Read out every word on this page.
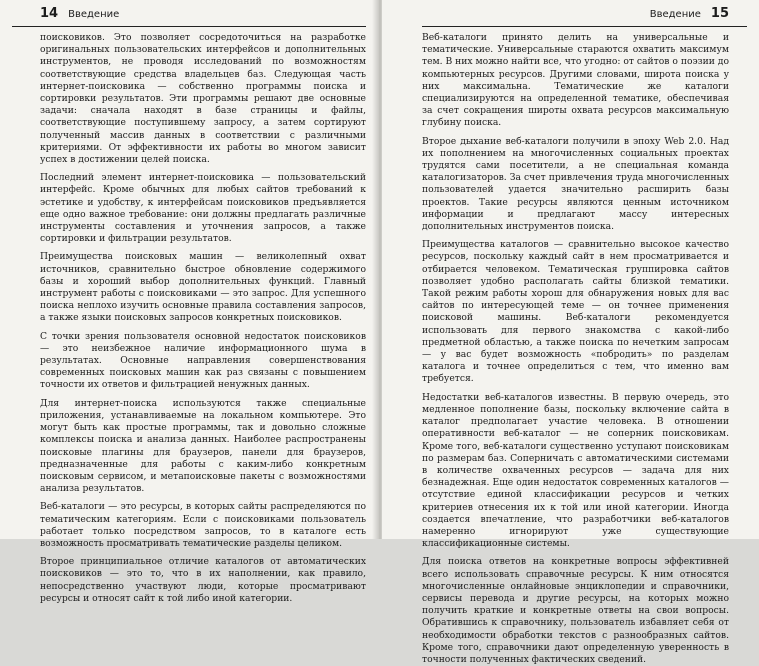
14 Введение

поисковиков. Это позволяет сосредоточиться на разработке оригинальных пользовательских интерфейсов и дополнительных инструментов, не проводя исследований по возможностям соответствующие средства владельцев баз. Следующая часть интернет-поисковика — собственно программы поиска и сортировки результатов. Эти программы решают две основные задачи: сначала находят в базе страницы и файлы, соответствующие поступившему запросу, а затем сортируют полученный массив данных в соответствии с различными критериями. От эффективности их работы во многом зависит успех в достижении целей поиска.

Последний элемент интернет-поисковика — пользовательский интерфейс. Кроме обычных для любых сайтов требований к эстетике и удобству, к интерфейсам поисковиков предъявляется еще одно важное требование: они должны предлагать различные инструменты составления и уточнения запросов, а также сортировки и фильтрации результатов.

Преимущества поисковых машин — великолепный охват источников, сравнительно быстрое обновление содержимого базы и хороший выбор дополнительных функций. Главный инструмент работы с поисковиками — это запрос. Для успешного поиска неплохо изучить основные правила составления запросов, а также языки поисковых запросов конкретных поисковиков.

С точки зрения пользователя основной недостаток поисковиков — это неизбежное наличие информационного шума в результатах. Основные направления совершенствования современных поисковых машин как раз связаны с повышением точности их ответов и фильтрацией ненужных данных.

Для интернет-поиска используются также специальные приложения, устанавливаемые на локальном компьютере. Это могут быть как простые программы, так и довольно сложные комплексы поиска и анализа данных. Наиболее распространены поисковые плагины для браузеров, панели для браузеров, предназначенные для работы с каким-либо конкретным поисковым сервисом, и метапоисковые пакеты с возможностями анализа результатов.

Веб-каталоги — это ресурсы, в которых сайты распределяются по тематическим категориям. Если с поисковиками пользователь работает только посредством запросов, то в каталоге есть возможность просматривать тематические разделы целиком.

Второе принципиальное отличие каталогов от автоматических поисковиков — это то, что в их наполнении, как правило, непосредственно участвуют люди, которые просматривают ресурсы и относят сайт к той либо иной категории.

Введение 15

Веб-каталоги принято делить на универсальные и тематические. Универсальные стараются охватить максимум тем. В них можно найти все, что угодно: от сайтов о поэзии до компьютерных ресурсов. Другими словами, широта поиска у них максимальна. Тематические же каталоги специализируются на определенной тематике, обеспечивая за счет сокращения широты охвата ресурсов максимальную глубину поиска.

Второе дыхание веб-каталоги получили в эпоху Web 2.0. Над их пополнением на многочисленных социальных проектах трудятся сами посетители, а не специальная команда каталогизаторов. За счет привлечения труда многочисленных пользователей удается значительно расширить базы проектов. Такие ресурсы являются ценным источником информации и предлагают массу интересных дополнительных инструментов поиска.

Преимущества каталогов — сравнительно высокое качество ресурсов, поскольку каждый сайт в нем просматривается и отбирается человеком. Тематическая группировка сайтов позволяет удобно располагать сайты близкой тематики. Такой режим работы хорош для обнаружения новых для вас сайтов по интересующей теме — он точнее применения поисковой машины. Веб-каталоги рекомендуется использовать для первого знакомства с какой-либо предметной областью, а также поиска по нечетким запросам — у вас будет возможность «побродить» по разделам каталога и точнее определиться с тем, что именно вам требуется.

Недостатки веб-каталогов известны. В первую очередь, это медленное пополнение базы, поскольку включение сайта в каталог предполагает участие человека. В отношении оперативности веб-каталог — не соперник поисковикам. Кроме того, веб-каталоги существенно уступают поисковикам по размерам баз. Соперничать с автоматическими системами в количестве охваченных ресурсов — задача для них безнадежная. Еще один недостаток современных каталогов — отсутствие единой классификации ресурсов и четких критериев отнесения их к той или иной категории. Иногда создается впечатление, что разработчики веб-каталогов намеренно игнорируют уже существующие классификационные системы.

Для поиска ответов на конкретные вопросы эффективней всего использовать справочные ресурсы. К ним относятся многочисленные онлайновые энциклопедии и справочники, сервисы перевода и другие ресурсы, на которых можно получить краткие и конкретные ответы на свои вопросы. Обратившись к справочнику, пользователь избавляет себя от необходимости обработки текстов с разнообразных сайтов. Кроме того, справочники дают определенную уверенность в точности полученных фактических сведений.
